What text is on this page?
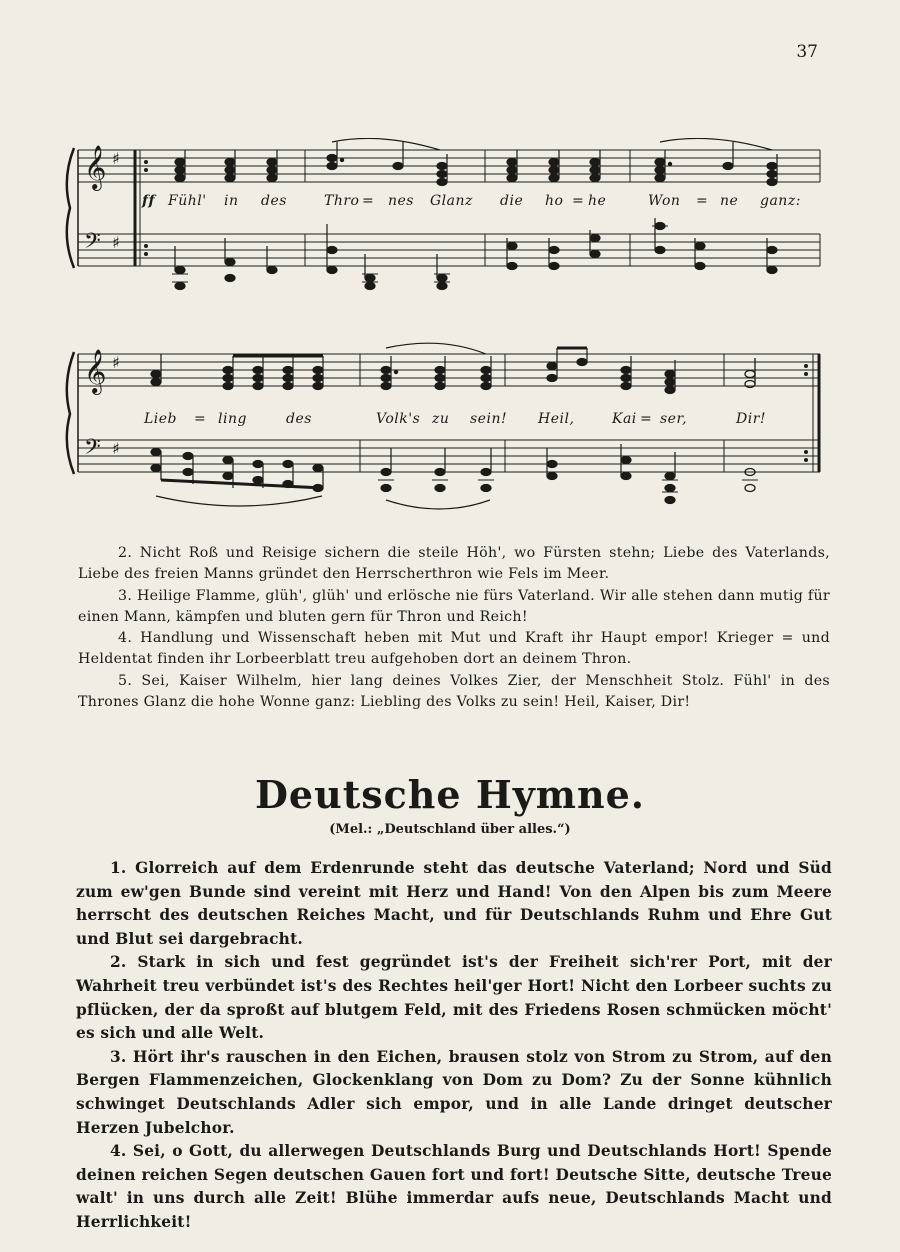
37
𝄞 ♯
𝄢 ♯
ff Fühl' in des	Thro = nes Glanz die ho = he	Won = ne ganz:
𝄞 ♯
𝄢 ♯
Lieb = ling	des	Volk's zu sein! Heil,	Kai = ser,	Dir!

2. Nicht Roß und Reisige sichern die steile Höh', wo Fürsten stehn; Liebe des Vaterlands, Liebe des freien Manns gründet den Herrscherthron wie Fels im Meer.

3. Heilige Flamme, glüh', glüh' und erlösche nie fürs Vaterland. Wir alle stehen dann mutig für einen Mann, kämpfen und bluten gern für Thron und Reich!

4. Handlung und Wissenschaft heben mit Mut und Kraft ihr Haupt empor! Krieger = und Heldentat finden ihr Lorbeerblatt treu aufgehoben dort an deinem Thron.

5. Sei, Kaiser Wilhelm, hier lang deines Volkes Zier, der Menschheit Stolz. Fühl' in des Thrones Glanz die hohe Wonne ganz: Liebling des Volks zu sein! Heil, Kaiser, Dir!

Deutsche Hymne.
(Mel.: „Deutschland über alles.“)

1. Glorreich auf dem Erdenrunde steht das deutsche Vaterland; Nord und Süd zum ew'gen Bunde sind vereint mit Herz und Hand! Von den Alpen bis zum Meere herrscht des deutschen Reiches Macht, und für Deutschlands Ruhm und Ehre Gut und Blut sei dargebracht.

2. Stark in sich und fest gegründet ist's der Freiheit sich'rer Port, mit der Wahrheit treu verbündet ist's des Rechtes heil'ger Hort! Nicht den Lorbeer suchts zu pflücken, der da sproßt auf blutgem Feld, mit des Friedens Rosen schmücken möcht' es sich und alle Welt.

3. Hört ihr's rauschen in den Eichen, brausen stolz von Strom zu Strom, auf den Bergen Flammenzeichen, Glockenklang von Dom zu Dom? Zu der Sonne kühnlich schwinget Deutschlands Adler sich empor, und in alle Lande dringet deutscher Herzen Jubelchor.

4. Sei, o Gott, du allerwegen Deutschlands Burg und Deutschlands Hort! Spende deinen reichen Segen deutschen Gauen fort und fort! Deutsche Sitte, deutsche Treue walt' in uns durch alle Zeit! Blühe immerdar aufs neue, Deutschlands Macht und Herrlichkeit!
